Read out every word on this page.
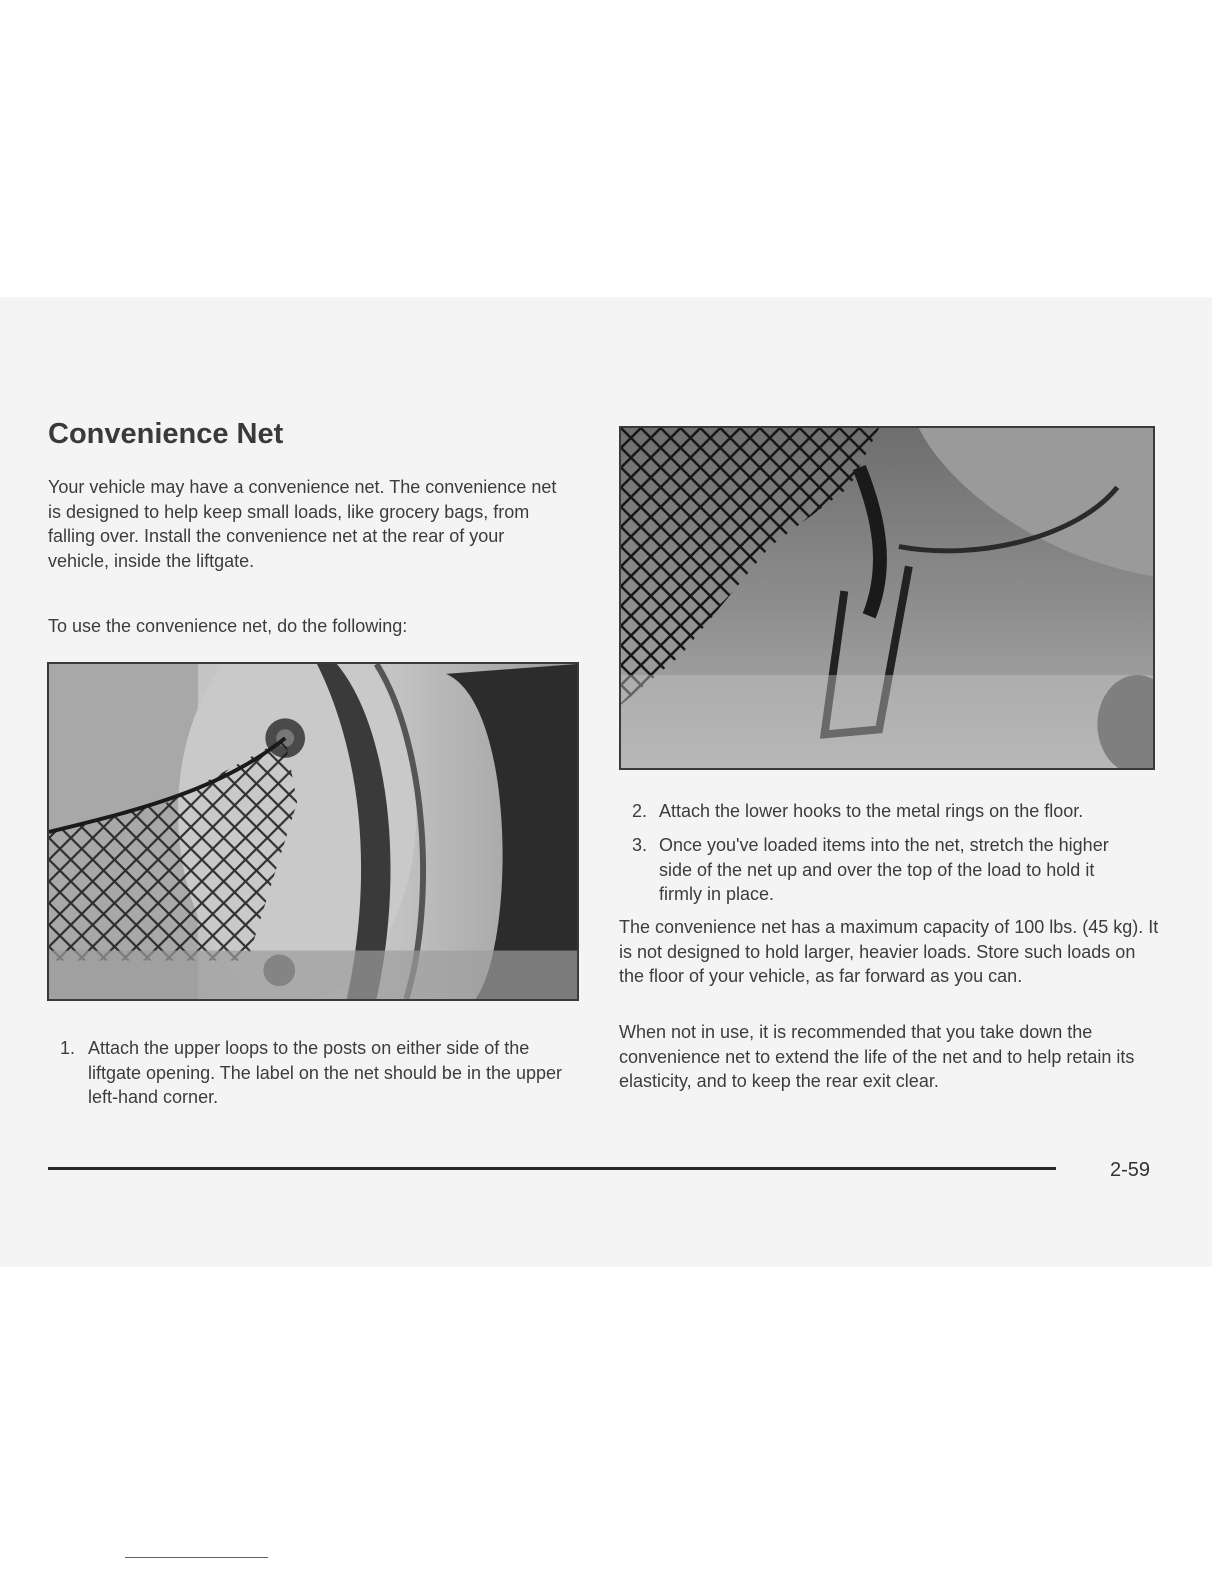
Convenience Net

Your vehicle may have a convenience net. The convenience net is designed to help keep small loads, like grocery bags, from falling over. Install the convenience net at the rear of your vehicle, inside the liftgate.

To use the convenience net, do the following:

1. Attach the upper loops to the posts on either side of the liftgate opening. The label on the net should be in the upper left-hand corner.

2. Attach the lower hooks to the metal rings on the floor.

3. Once you've loaded items into the net, stretch the higher side of the net up and over the top of the load to hold it firmly in place.

The convenience net has a maximum capacity of 100 lbs. (45 kg). It is not designed to hold larger, heavier loads. Store such loads on the floor of your vehicle, as far forward as you can.

When not in use, it is recommended that you take down the convenience net to extend the life of the net and to help retain its elasticity, and to keep the rear exit clear.

2-59
